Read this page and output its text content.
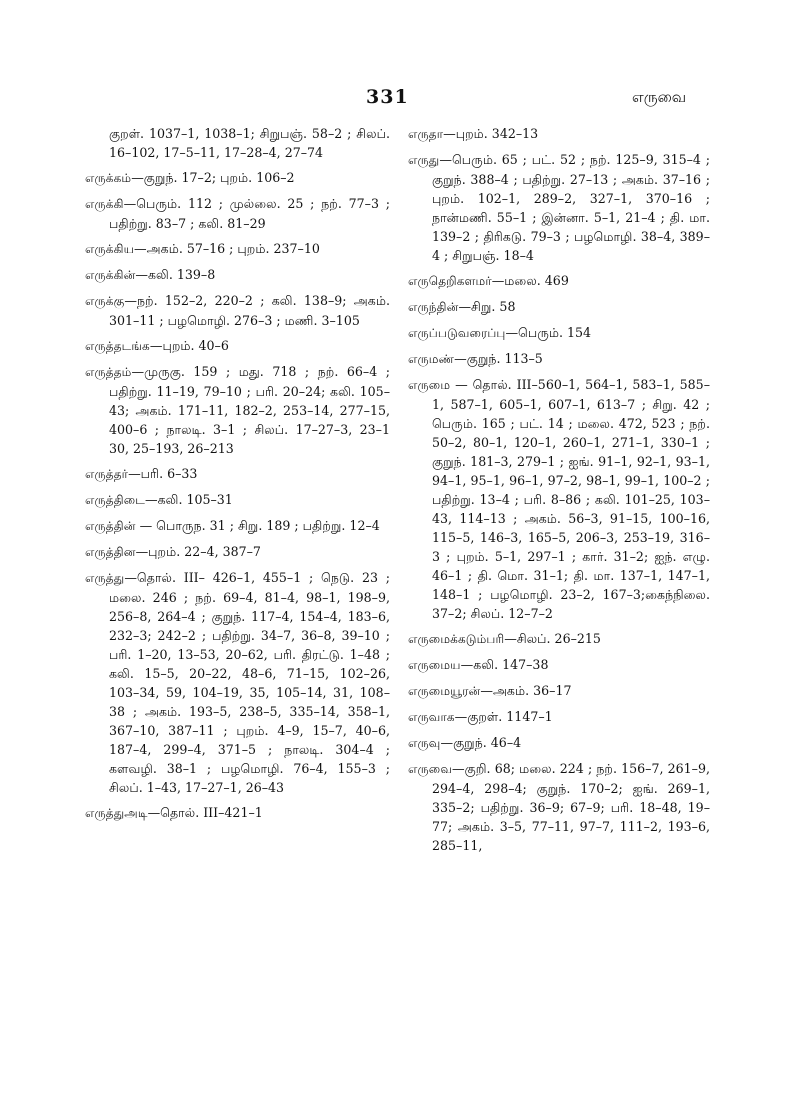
331	எருவை

குறள். 1037–1, 1038–1; சிறுபஞ். 58–2 ; சிலப். 16–102, 17–5–11, 17–28–4, 27–74

எருக்கம்—குறுந். 17–2; புறம். 106–2

எருக்கி—பெரும். 112 ; முல்லை. 25 ; நற். 77–3 ; பதிற்று. 83–7 ; கலி. 81–29

எருக்கிய—அகம். 57–16 ; புறம். 237–10

எருக்கின்—கலி. 139–8

எருக்கு—நற். 152–2, 220–2 ; கலி. 138–9; அகம். 301–11 ; பழமொழி. 276–3 ; மணி. 3–105

எருத்தடங்க—புறம். 40–6

எருத்தம்—முருகு. 159 ; மது. 718 ; நற். 66–4 ; பதிற்று. 11–19, 79–10 ; பரி. 20–24; கலி. 105–43; அகம். 171–11, 182–2, 253–14, 277–15, 400–6 ; நாலடி. 3–1 ; சிலப். 17–27–3, 23–1 30, 25–193, 26–213

எருத்தர்—பரி. 6–33

எருத்திடை—கலி. 105–31

எருத்தின் — பொருந. 31 ; சிறு. 189 ; பதிற்று. 12–4

எருத்தின—புறம். 22–4, 387–7

எருத்து—தொல். III– 426–1, 455–1 ; நெடு. 23 ; மலை. 246 ; நற். 69–4, 81–4, 98–1, 198–9, 256–8, 264–4 ; குறுந். 117–4, 154–4, 183–6, 232–3; 242–2 ; பதிற்று. 34–7, 36–8, 39–10 ; பரி. 1–20, 13–53, 20–62, பரி. திரட்டு. 1–48 ; கலி. 15–5, 20–22, 48–6, 71–15, 102–26, 103–34, 59, 104–19, 35, 105–14, 31, 108–38 ; அகம். 193–5, 238–5, 335–14, 358–1, 367–10, 387–11 ; புறம். 4–9, 15–7, 40–6, 187–4, 299–4, 371–5 ; நாலடி. 304–4 ; களவழி. 38–1 ; பழமொழி. 76–4, 155–3 ; சிலப். 1–43, 17–27–1, 26–43

எருத்துஅடி—தொல். III–421–1

எருதா—புறம். 342–13

எருது—பெரும். 65 ; பட். 52 ; நற். 125–9, 315–4 ; குறுந். 388–4 ; பதிற்று. 27–13 ; அகம். 37–16 ; புறம். 102–1, 289–2, 327–1, 370–16 ; நான்மணி. 55–1 ; இன்னா. 5–1, 21–4 ; தி. மா. 139–2 ; திரிகடு. 79–3 ; பழமொழி. 38–4, 389–4 ; சிறுபஞ். 18–4

எருதெறிகளமர்—மலை. 469

எருந்தின்—சிறு. 58

எருப்படுவரைப்பு—பெரும். 154

எருமண்—குறுந். 113–5

எருமை — தொல். III–560–1, 564–1, 583–1, 585–1, 587–1, 605–1, 607–1, 613–7 ; சிறு. 42 ; பெரும். 165 ; பட். 14 ; மலை. 472, 523 ; நற். 50–2, 80–1, 120–1, 260–1, 271–1, 330–1 ; குறுந். 181–3, 279–1 ; ஐங். 91–1, 92–1, 93–1, 94–1, 95–1, 96–1, 97–2, 98–1, 99–1, 100–2 ; பதிற்று. 13–4 ; பரி. 8–86 ; கலி. 101–25, 103–43, 114–13 ; அகம். 56–3, 91–15, 100–16, 115–5, 146–3, 165–5, 206–3, 253–19, 316–3 ; புறம். 5–1, 297–1 ; கார். 31–2; ஐந். எழு. 46–1 ; தி. மொ. 31–1; தி. மா. 137–1, 147–1, 148–1 ; பழமொழி. 23–2, 167–3;கைந்நிலை. 37–2; சிலப். 12–7–2

எருமைக்கடும்பரி—சிலப். 26–215

எருமைய—கலி. 147–38

எருமையூரன்—அகம். 36–17

எருவாக—குறள். 1147–1

எருவு—குறுந். 46–4

எருவை—குறி. 68; மலை. 224 ; நற். 156–7, 261–9, 294–4, 298–4; குறுந். 170–2; ஐங். 269–1, 335–2; பதிற்று. 36–9; 67–9; பரி. 18–48, 19–77; அகம். 3–5, 77–11, 97–7, 111–2, 193–6, 285–11,
